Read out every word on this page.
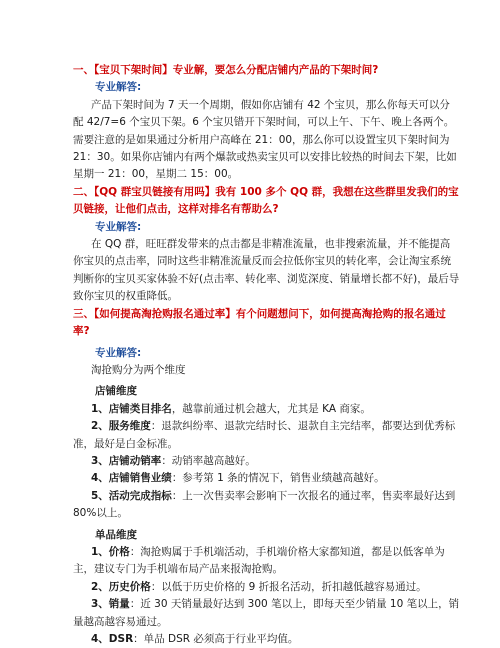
一、【宝贝下架时间】专业解，要怎么分配店铺内产品的下架时间?

专业解答:

产品下架时间为 7 天一个周期，假如你店铺有 42 个宝贝，那么你每天可以分配 42/7=6 个宝贝下架。6 个宝贝错开下架时间，可以上午、下午、晚上各两个。需要注意的是如果通过分析用户高峰在 21：00，那么你可以设置宝贝下架时间为 21：30。如果你店铺内有两个爆款或热卖宝贝可以安排比较热的时间去下架，比如星期一 21：00，星期二 15：00。

二、【QQ 群宝贝链接有用吗】我有 100 多个 QQ 群，我想在这些群里发我们的宝贝链接，让他们点击，这样对排名有帮助么?

专业解答:

在 QQ 群，旺旺群发带来的点击都是非精准流量，也非搜索流量，并不能提高你宝贝的点击率，同时这些非精准流量反而会拉低你宝贝的转化率，会让淘宝系统判断你的宝贝买家体验不好(点击率、转化率、浏览深度、销量增长都不好)，最后导致你宝贝的权重降低。

三、【如何提高淘抢购报名通过率】有个问题想问下，如何提高淘抢购的报名通过率?

专业解答:

淘抢购分为两个维度

店铺维度

1、店铺类目排名，越靠前通过机会越大，尤其是 KA 商家。

2、服务维度：退款纠纷率、退款完结时长、退款自主完结率，都要达到优秀标准，最好是白金标准。

3、店铺动销率：动销率越高越好。

4、店铺销售业绩：参考第 1 条的情况下，销售业绩越高越好。

5、活动完成指标：上一次售卖率会影响下一次报名的通过率，售卖率最好达到 80%以上。

单品维度

1、价格：淘抢购属于手机端活动，手机端价格大家都知道，都是以低客单为主，建议专门为手机端布局产品来报淘抢购。

2、历史价格：以低于历史价格的 9 折报名活动，折扣越低越容易通过。

3、销量：近 30 天销量最好达到 300 笔以上，即每天至少销量 10 笔以上，销量越高越容易通过。

4、DSR：单品 DSR 必须高于行业平均值。
